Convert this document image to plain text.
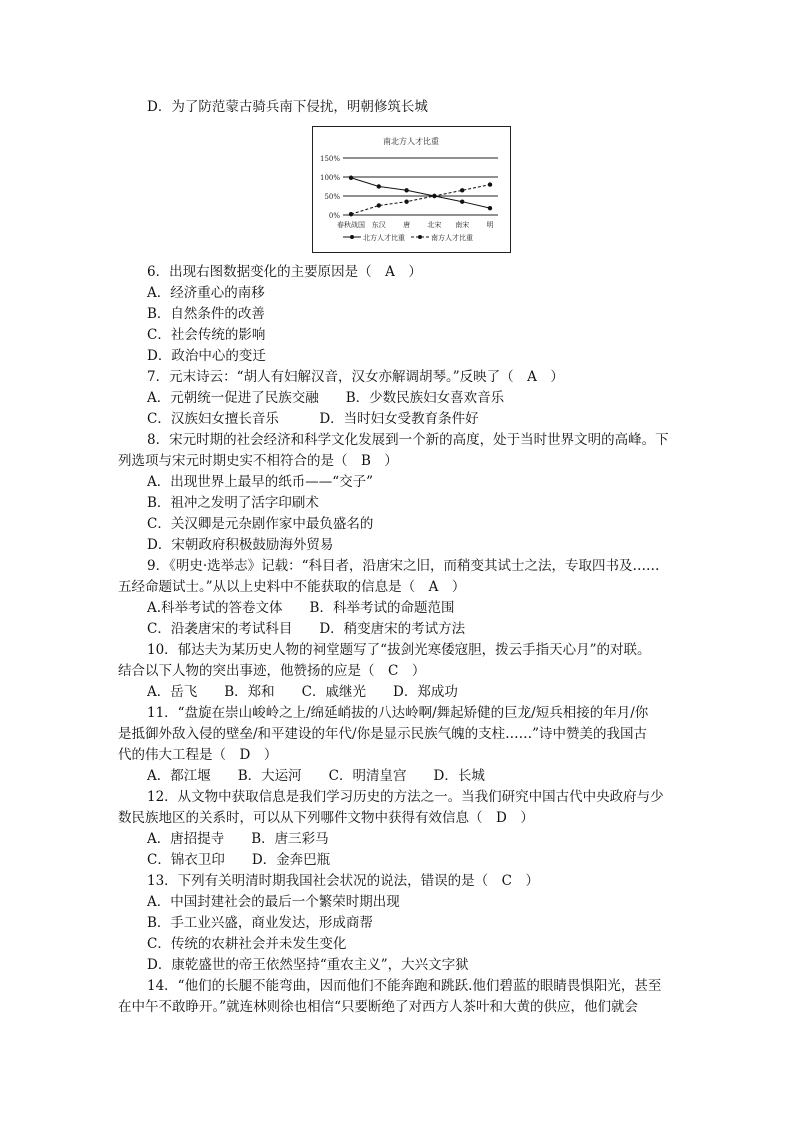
D．为了防范蒙古骑兵南下侵扰，明朝修筑长城
南北方人才比重
0%
50%
100%
150%
春秋战国 东汉 唐 北宋 南宋 明
北方人才比重	南方人才比重
6．出现右图数据变化的主要原因是（　A　）
A．经济重心的南移
B．自然条件的改善
C．社会传统的影响
D．政治中心的变迁
7．元末诗云：“胡人有妇解汉音，汉女亦解调胡琴。”反映了（　A　）
A．元朝统一促进了民族交融　　B．少数民族妇女喜欢音乐
C．汉族妇女擅长音乐　　　D．当时妇女受教育条件好
8．宋元时期的社会经济和科学文化发展到一个新的高度，处于当时世界文明的高峰。下
列选项与宋元时期史实不相符合的是（　B　）
A．出现世界上最早的纸币——“交子”
B．祖冲之发明了活字印刷术
C．关汉卿是元杂剧作家中最负盛名的
D．宋朝政府积极鼓励海外贸易
9．《明史·选举志》记载：“科目者，沿唐宋之旧，而稍变其试士之法，专取四书及……
五经命题试士。”从以上史料中不能获取的信息是（　A　）
A.科举考试的答卷文体　　B．科举考试的命题范围
C．沿袭唐宋的考试科目　　D．稍变唐宋的考试方法
10．郁达夫为某历史人物的祠堂题写了“拔剑光寒倭寇胆，拨云手指天心月”的对联。
结合以下人物的突出事迹，他赞扬的应是（　C　）
A．岳飞　　B．郑和　　C．戚继光　　D．郑成功
11．“盘旋在崇山峻岭之上/绵延峭拔的八达岭啊/舞起矫健的巨龙/短兵相接的年月/你
是抵御外敌入侵的壁垒/和平建设的年代/你是显示民族气魄的支柱……”诗中赞美的我国古
代的伟大工程是（　D　）
A．都江堰　　B．大运河　　C．明清皇宫　　D．长城
12．从文物中获取信息是我们学习历史的方法之一。当我们研究中国古代中央政府与少
数民族地区的关系时，可以从下列哪件文物中获得有效信息（　D　）
A．唐招提寺　　B．唐三彩马
C．锦衣卫印　　D．金奔巴瓶
13．下列有关明清时期我国社会状况的说法，错误的是（　C　）
A．中国封建社会的最后一个繁荣时期出现
B．手工业兴盛，商业发达，形成商帮
C．传统的农耕社会并未发生变化
D．康乾盛世的帝王依然坚持“重农主义”，大兴文字狱
14．“他们的长腿不能弯曲，因而他们不能奔跑和跳跃.他们碧蓝的眼睛畏惧阳光，甚至
在中午不敢睁开。”就连林则徐也相信“只要断绝了对西方人茶叶和大黄的供应，他们就会
